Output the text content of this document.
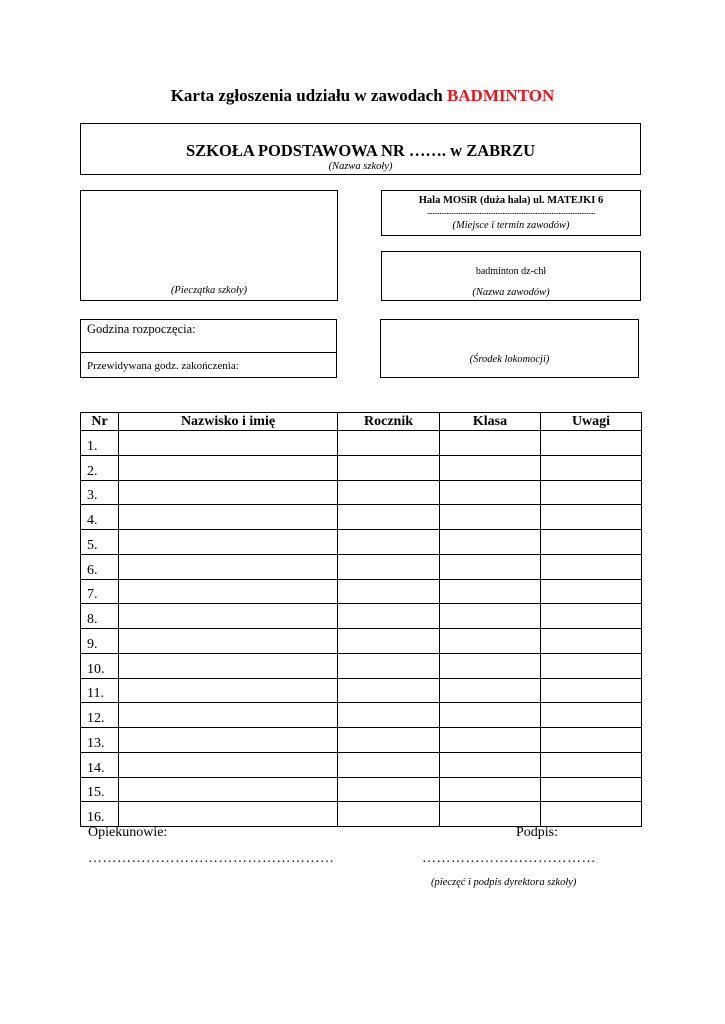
Karta zgłoszenia udziału w zawodach BADMINTON
SZKOŁA PODSTAWOWA NR ……. w ZABRZU
(Nazwa szkoły)
(Pieczątka szkoły)
Hala MOSiR (duża hala) ul. MATEJKI 6
................................................................................................
(Miejsce i termin zawodów)
badminton dz-chł
(Nazwa zawodów)
Godzina rozpoczęcia:
Przewidywana godz. zakończenia:
(Środek lokomocji)
Nr	Nazwisko i imię	Rocznik	Klasa	Uwagi
1.				
2.				
3.				
4.				
5.				
6.				
7.				
8.				
9.				
10.				
11.				
12.				
13.				
14.				
15.				
16.				
Opiekunowie:	Podpis:
……………………………………………	………………………………
(pieczęć i podpis dyrektora szkoły)
